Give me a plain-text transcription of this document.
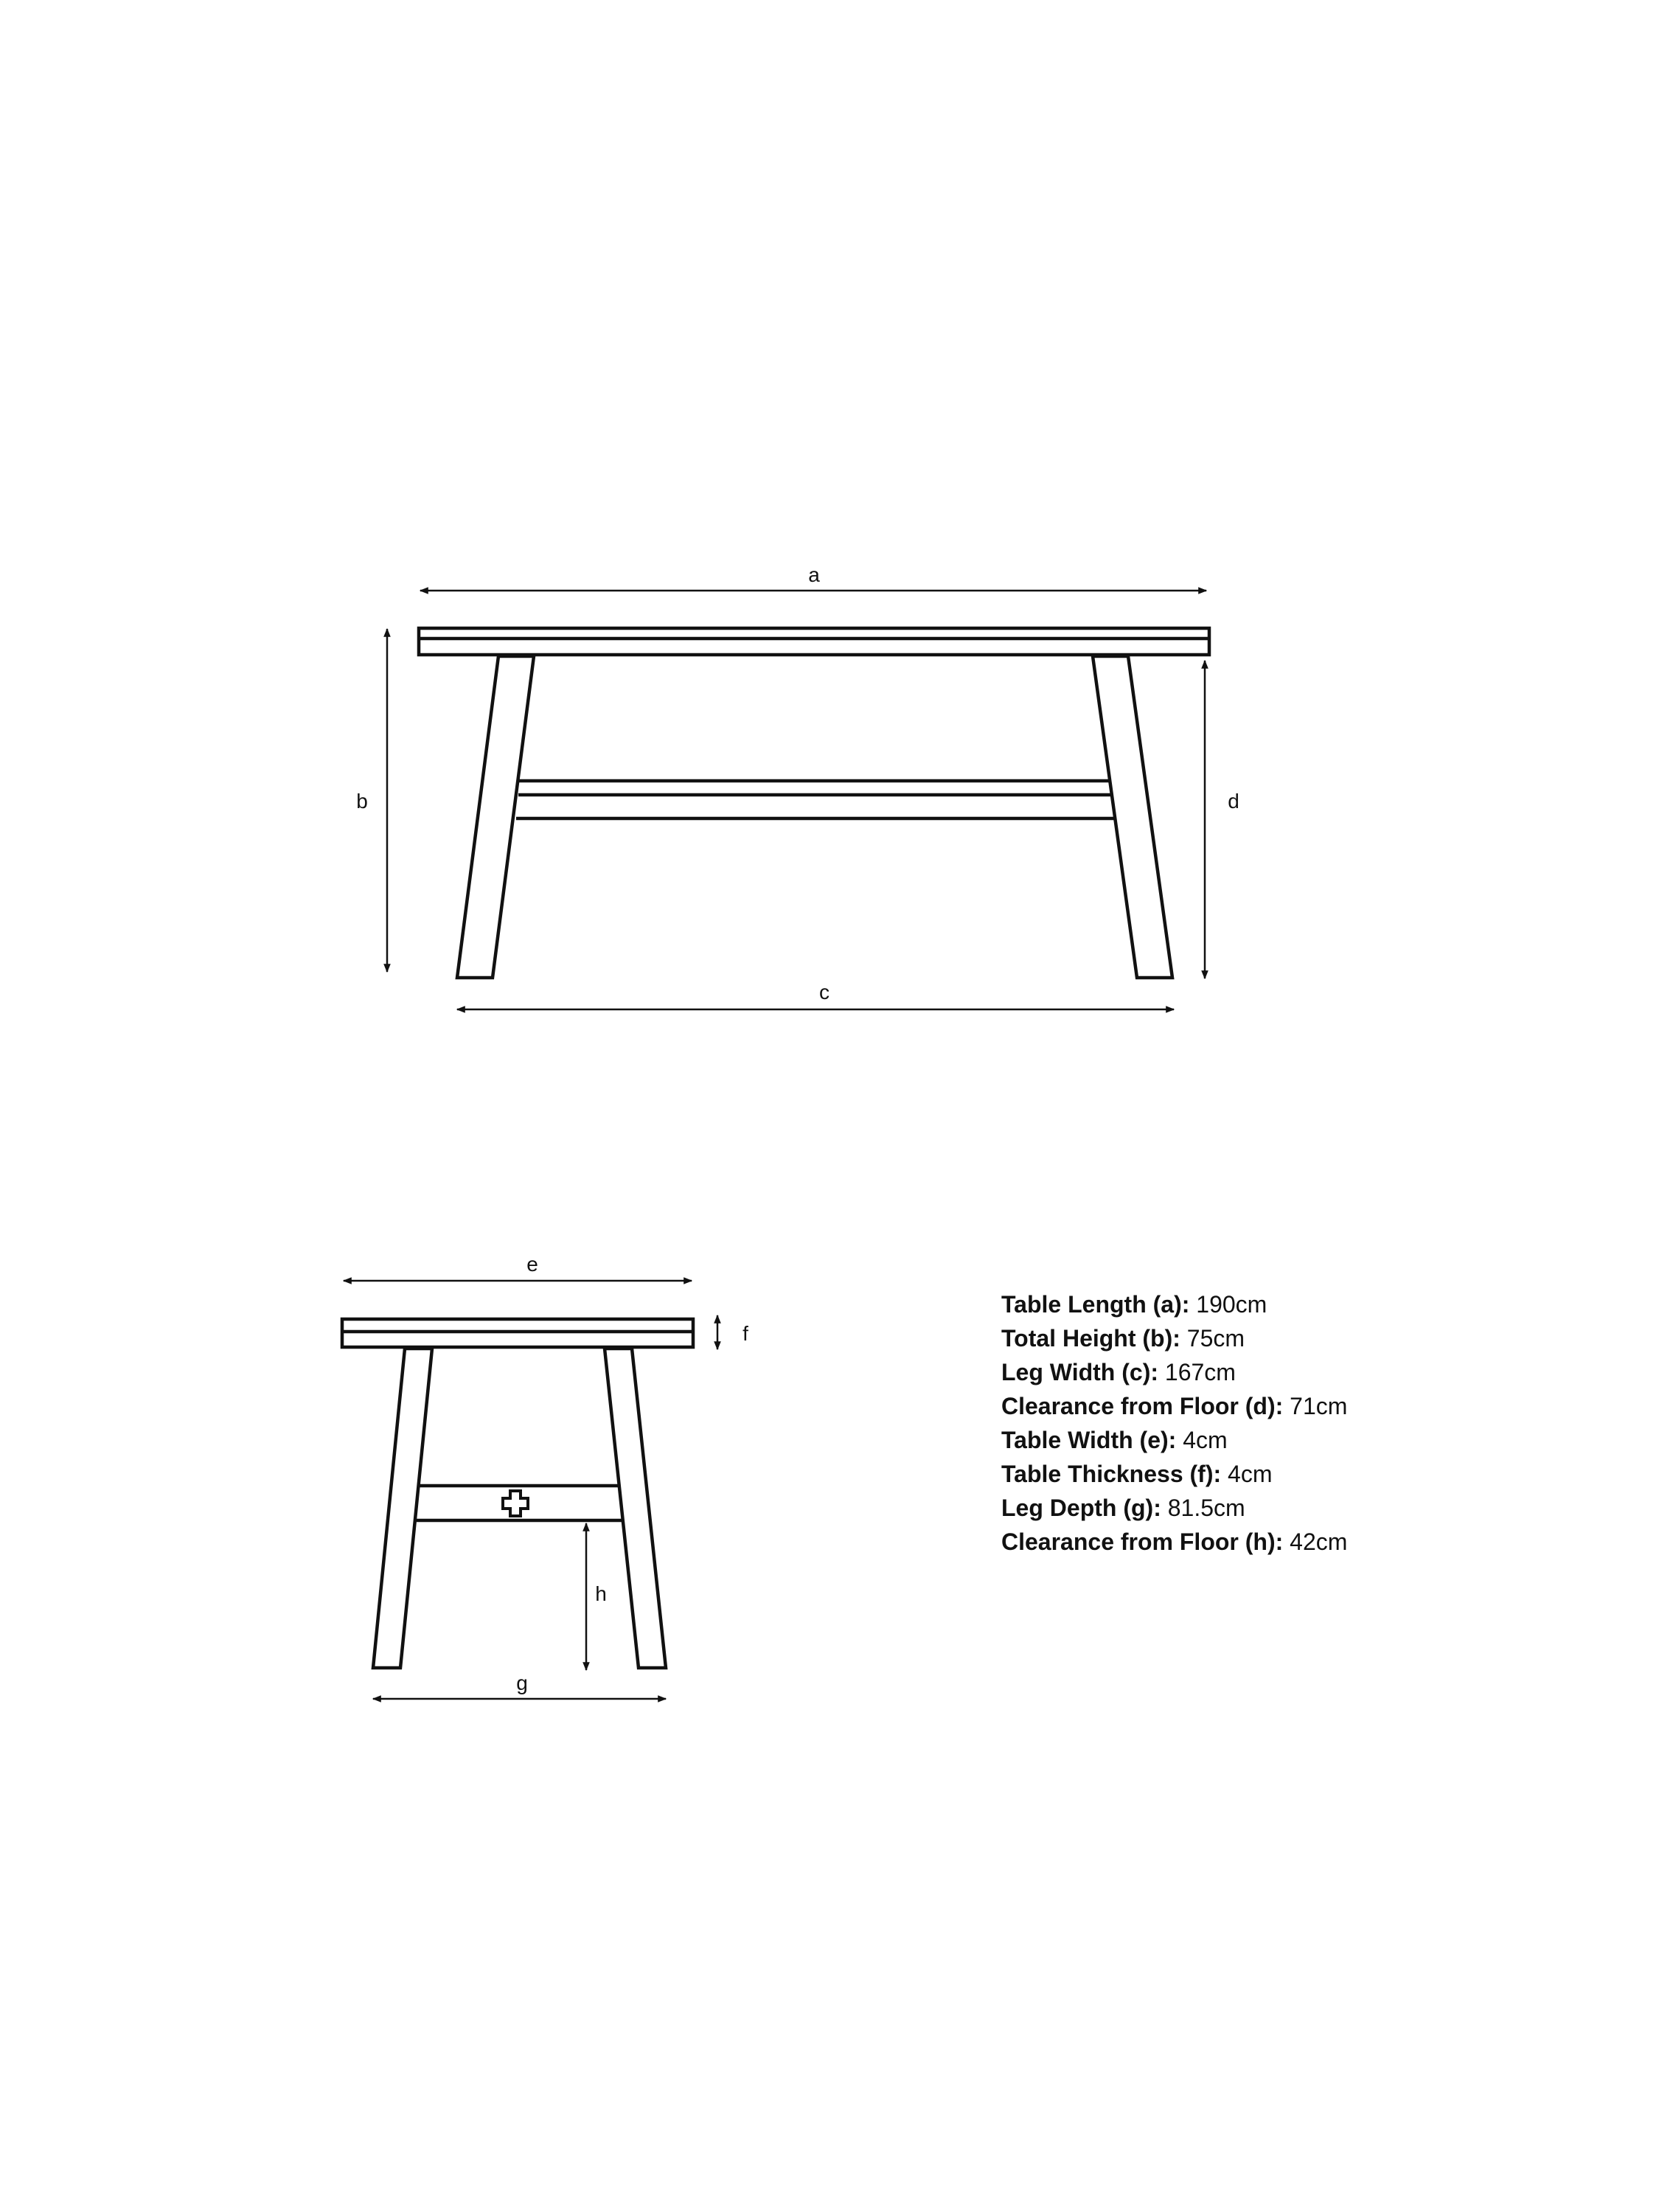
a
b	d
c
e
f
h
g
Table Length (a): 190cm
Total Height (b): 75cm
Leg Width (c): 167cm
Clearance from Floor (d): 71cm
Table Width (e): 4cm
Table Thickness (f): 4cm
Leg Depth (g): 81.5cm
Clearance from Floor (h): 42cm
